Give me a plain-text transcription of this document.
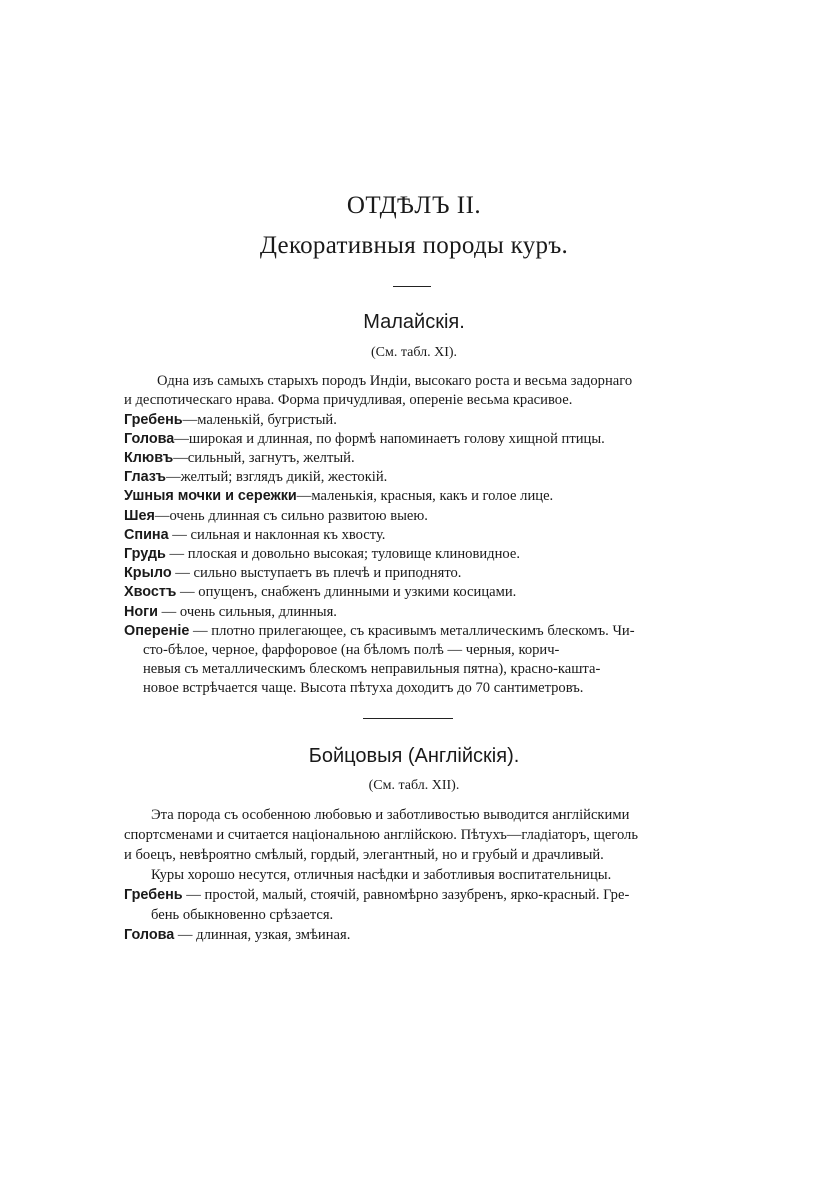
ОТДѢЛЪ II.
Декоративныя породы куръ.
Малайскія.
(См. табл. XI).
Одна изъ самыхъ старыхъ породъ Индіи, высокаго роста и весьма задорнаго
и деспотическаго нрава. Форма причудливая, опереніе весьма красивое.
Гребень—маленькій, бугристый.
Голова—широкая и длинная, по формѣ напоминаетъ голову хищной птицы.
Клювъ—сильный, загнутъ, желтый.
Глазъ—желтый; взглядъ дикій, жестокій.
Ушныя мочки и сережки—маленькія, красныя, какъ и голое лице.
Шея—очень длинная съ сильно развитою выею.
Спина — сильная и наклонная къ хвосту.
Грудь — плоская и довольно высокая; туловище клиновидное.
Крыло — сильно выступаетъ въ плечѣ и приподнято.
Хвостъ — опущенъ, снабженъ длинными и узкими косицами.
Ноги — очень сильныя, длинныя.
Опереніе — плотно прилегающее, съ красивымъ металлическимъ блескомъ. Чи-
сто-бѣлое, черное, фарфоровое (на бѣломъ полѣ — черныя, корич-
невыя съ металлическимъ блескомъ неправильныя пятна), красно-кашта-
новое встрѣчается чаще. Высота пѣтуха доходитъ до 70 сантиметровъ.
Бойцовыя (Англійскія).
(См. табл. XII).
Эта порода съ особенною любовью и заботливостью выводится англійскими
спортсменами и считается національною англійскою. Пѣтухъ—гладіаторъ, щеголь
и боецъ, невѣроятно смѣлый, гордый, элегантный, но и грубый и драчливый.
Куры хорошо несутся, отличныя насѣдки и заботливыя воспитательницы.
Гребень — простой, малый, стоячій, равномѣрно зазубренъ, ярко-красный. Гре-
бень обыкновенно срѣзается.
Голова — длинная, узкая, змѣиная.
